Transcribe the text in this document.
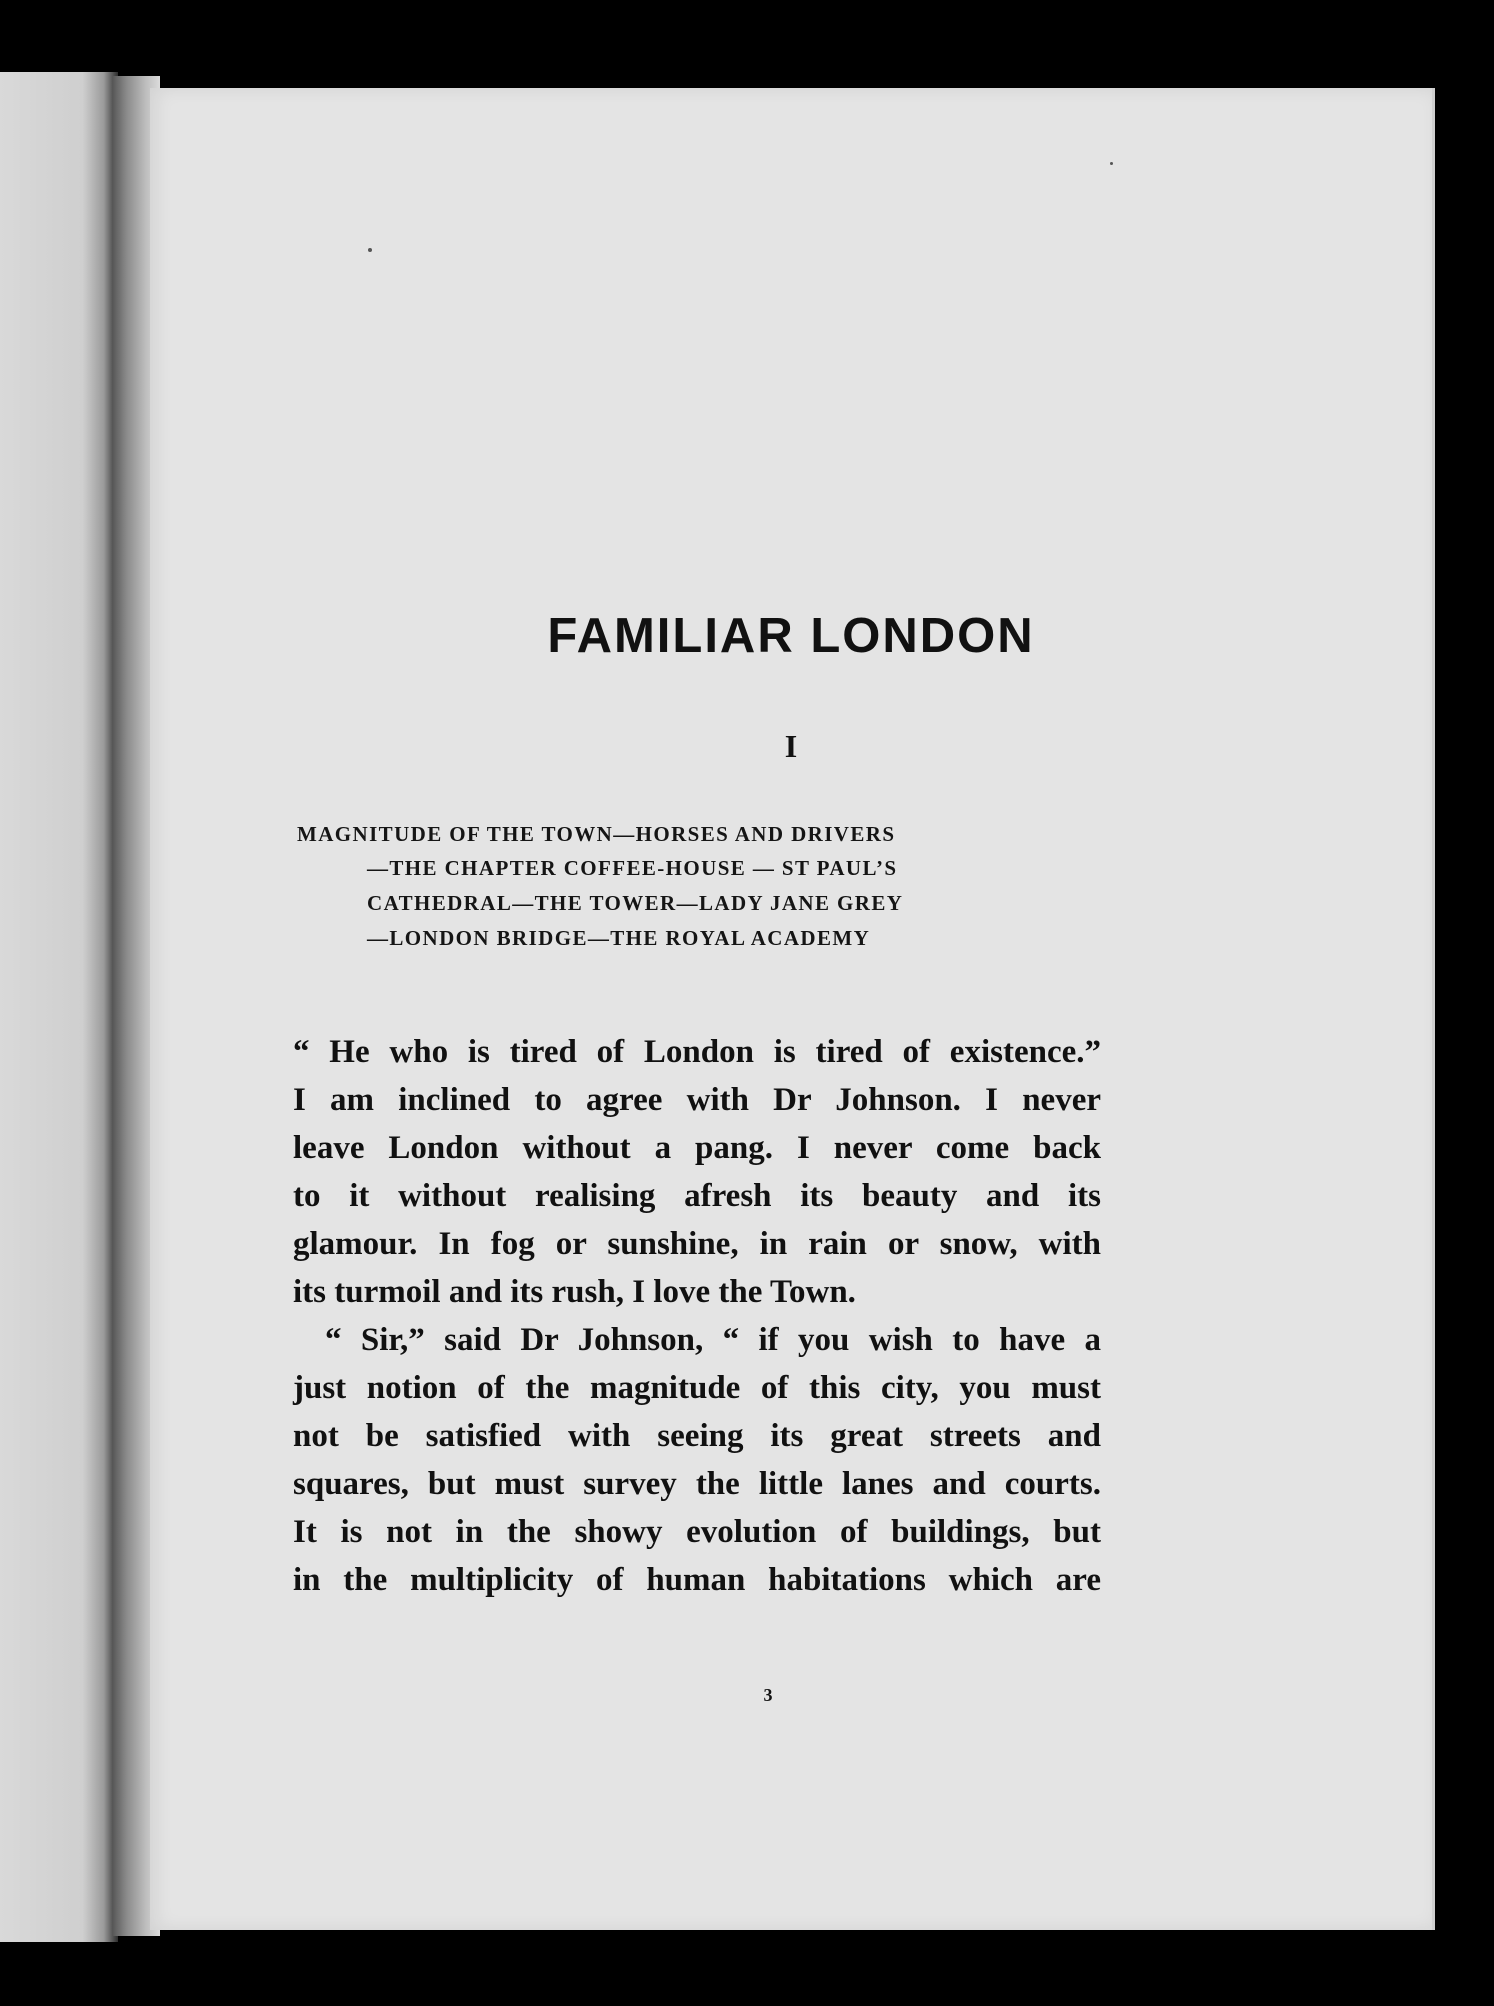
FAMILIAR LONDON
I
MAGNITUDE OF THE TOWN—HORSES AND DRIVERS
—THE CHAPTER COFFEE-HOUSE — ST PAUL’S
CATHEDRAL—THE TOWER—LADY JANE GREY
—LONDON BRIDGE—THE ROYAL ACADEMY
“ He who is tired of London is tired of existence.”
I am inclined to agree with Dr Johnson. I never
leave London without a pang. I never come back
to it without realising afresh its beauty and its
glamour. In fog or sunshine, in rain or snow, with
its turmoil and its rush, I love the Town.
“ Sir,” said Dr Johnson, “ if you wish to have a
just notion of the magnitude of this city, you must
not be satisfied with seeing its great streets and
squares, but must survey the little lanes and courts.
It is not in the showy evolution of buildings, but
in the multiplicity of human habitations which are
3
